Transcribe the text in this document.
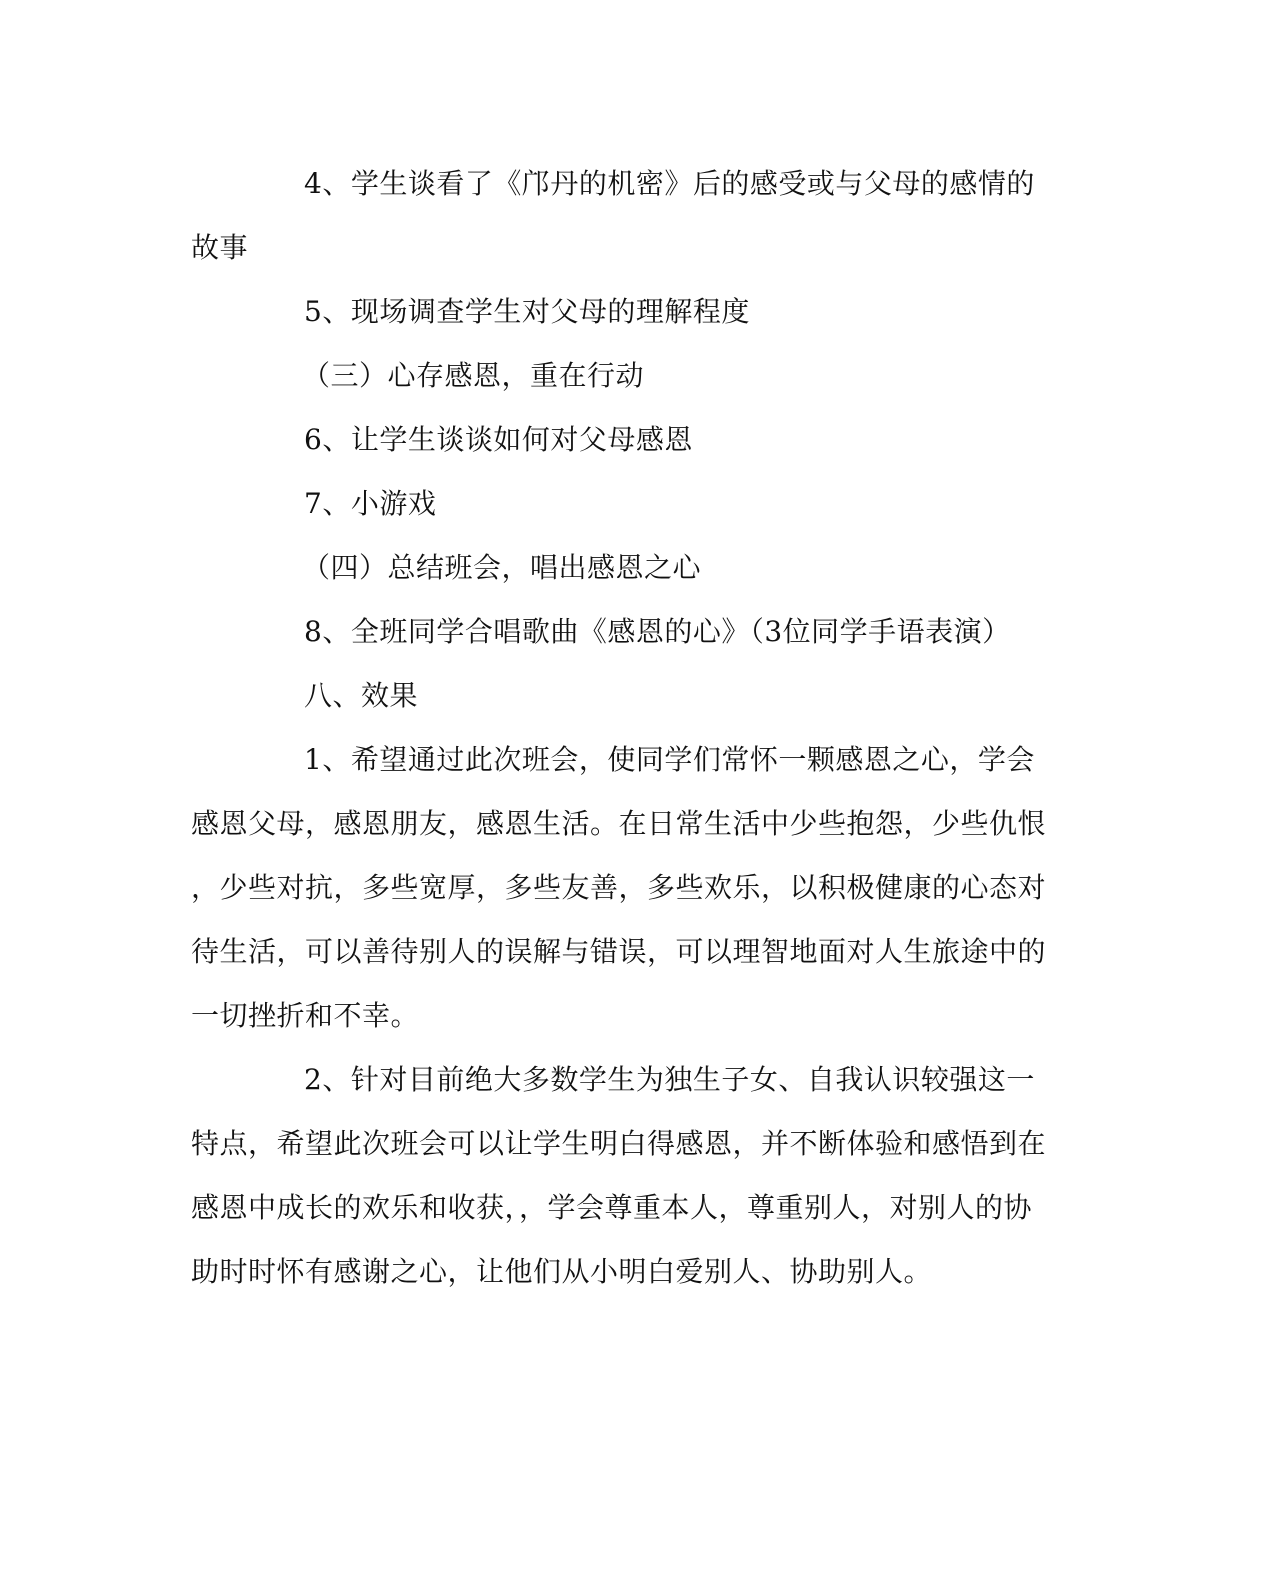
4、学生谈看了《邝丹的机密》后的感受或与父母的感情的
故事
5、现场调查学生对父母的理解程度
（三）心存感恩，重在行动
6、让学生谈谈如何对父母感恩
7、小游戏
（四）总结班会，唱出感恩之心
8、全班同学合唱歌曲《感恩的心》（3位同学手语表演）
八、效果
1、希望通过此次班会，使同学们常怀一颗感恩之心，学会
感恩父母，感恩朋友，感恩生活。在日常生活中少些抱怨，少些仇恨
，少些对抗，多些宽厚，多些友善，多些欢乐，以积极健康的心态对
待生活，可以善待别人的误解与错误，可以理智地面对人生旅途中的
一切挫折和不幸。
2、针对目前绝大多数学生为独生子女、自我认识较强这一
特点，希望此次班会可以让学生明白得感恩，并不断体验和感悟到在
感恩中成长的欢乐和收获，，学会尊重本人，尊重别人，对别人的协
助时时怀有感谢之心，让他们从小明白爱别人、协助别人。
